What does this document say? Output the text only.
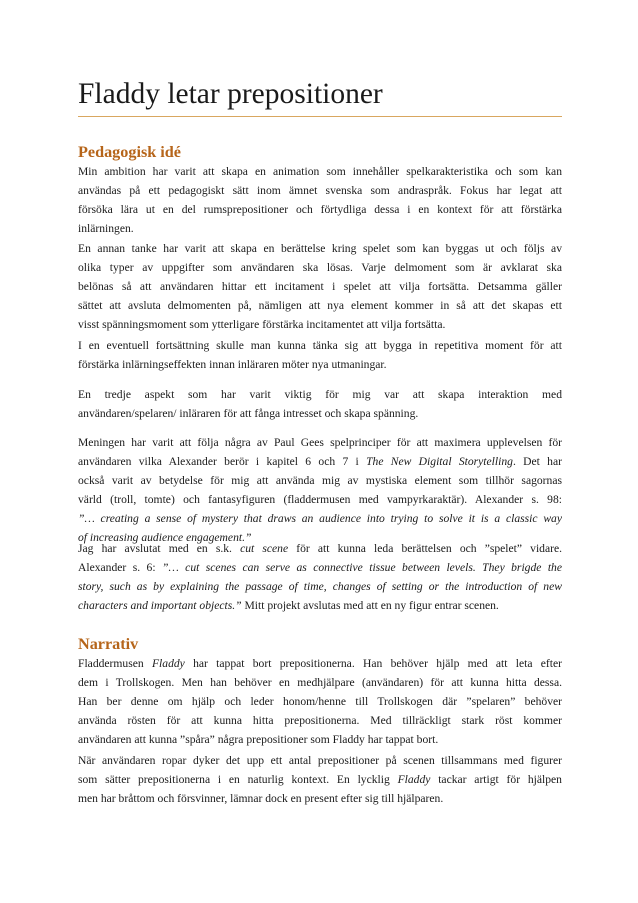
Fladdy letar prepositioner
Pedagogisk idé
Min ambition har varit att skapa en animation som innehåller spelkarakteristika och som kan
användas på ett pedagogiskt sätt inom ämnet svenska som andraspråk. Fokus har legat att
försöka lära ut en del rumsprepositioner och förtydliga dessa i en kontext för att förstärka
inlärningen.
En annan tanke har varit att skapa en berättelse kring spelet som kan byggas ut och följs av
olika typer av uppgifter som användaren ska lösas. Varje delmoment som är avklarat ska
belönas så att användaren hittar ett incitament i spelet att vilja fortsätta. Detsamma gäller
sättet att avsluta delmomenten på, nämligen att nya element kommer in så att det skapas ett
visst spänningsmoment som ytterligare förstärka incitamentet att vilja fortsätta.
I en eventuell fortsättning skulle man kunna tänka sig att bygga in repetitiva moment för att
förstärka inlärningseffekten innan inläraren möter nya utmaningar.
En tredje aspekt som har varit viktig för mig var att skapa interaktion med
användaren/spelaren/ inläraren för att fånga intresset och skapa spänning.
Meningen har varit att följa några av Paul Gees spelprinciper för att maximera upplevelsen för
användaren vilka Alexander berör i kapitel 6 och 7 i The New Digital Storytelling. Det har
också varit av betydelse för mig att använda mig av mystiska element som tillhör sagornas
värld (troll, tomte) och fantasyfiguren (fladdermusen med vampyrkaraktär). Alexander s. 98:
”… creating a sense of mystery that draws an audience into trying to solve it is a classic way
of increasing audience engagement.”
Jag har avslutat med en s.k. cut scene för att kunna leda berättelsen och ”spelet” vidare.
Alexander s. 6: ”… cut scenes can serve as connective tissue between levels. They brigde the
story, such as by explaining the passage of time, changes of setting or the introduction of new
characters and important objects.” Mitt projekt avslutas med att en ny figur entrar scenen.
Narrativ
Fladdermusen Fladdy har tappat bort prepositionerna. Han behöver hjälp med att leta efter
dem i Trollskogen. Men han behöver en medhjälpare (användaren) för att kunna hitta dessa.
Han ber denne om hjälp och leder honom/henne till Trollskogen där ”spelaren” behöver
använda rösten för att kunna hitta prepositionerna. Med tillräckligt stark röst kommer
användaren att kunna ”spåra” några prepositioner som Fladdy har tappat bort.
När användaren ropar dyker det upp ett antal prepositioner på scenen tillsammans med figurer
som sätter prepositionerna i en naturlig kontext. En lycklig Fladdy tackar artigt för hjälpen
men har bråttom och försvinner, lämnar dock en present efter sig till hjälparen.
